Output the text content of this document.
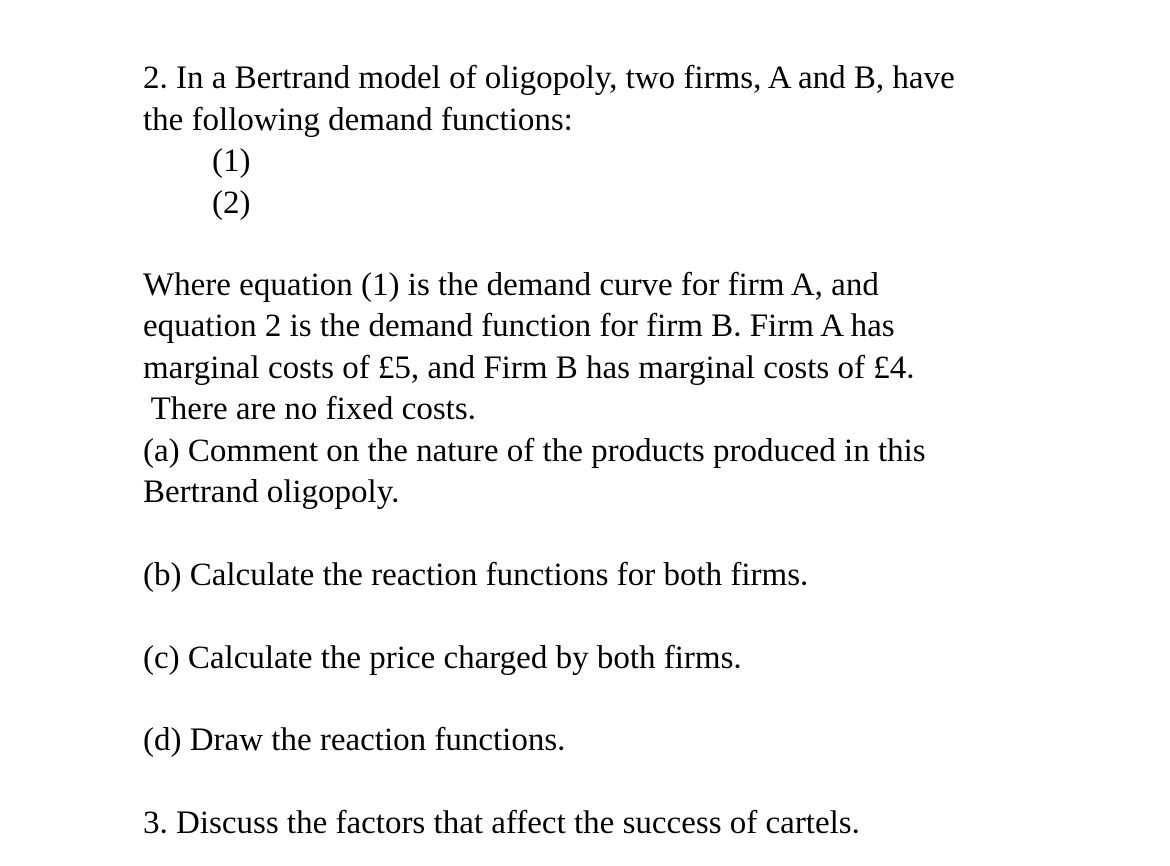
2. In a Bertrand model of oligopoly, two firms, A and B, have
the following demand functions:
(1)
(2)
Where equation (1) is the demand curve for firm A, and
equation 2 is the demand function for firm B. Firm A has
marginal costs of £5, and Firm B has marginal costs of £4.
There are no fixed costs.
(a) Comment on the nature of the products produced in this
Bertrand oligopoly.
(b) Calculate the reaction functions for both firms.
(c) Calculate the price charged by both firms.
(d) Draw the reaction functions.
3. Discuss the factors that affect the success of cartels.
